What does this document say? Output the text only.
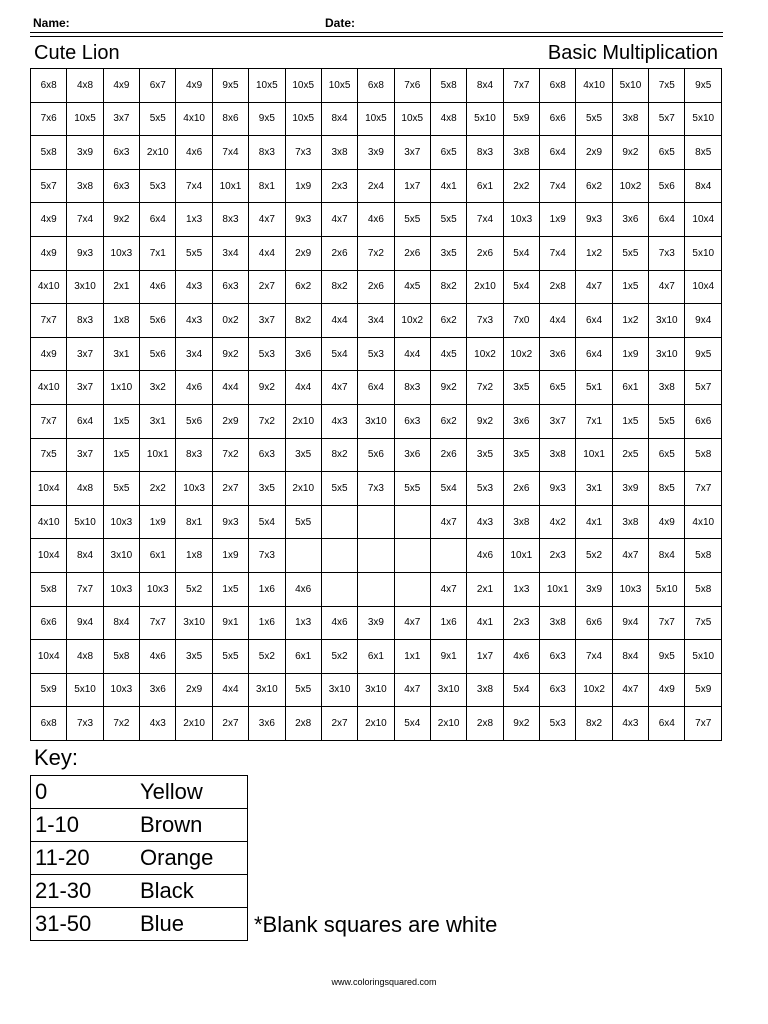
Name:	Date:
Cute Lion	Basic Multiplication
6x8	4x8	4x9	6x7	4x9	9x5	10x5	10x5	10x5	6x8	7x6	5x8	8x4	7x7	6x8	4x10	5x10	7x5	9x5
7x6	10x5	3x7	5x5	4x10	8x6	9x5	10x5	8x4	10x5	10x5	4x8	5x10	5x9	6x6	5x5	3x8	5x7	5x10
5x8	3x9	6x3	2x10	4x6	7x4	8x3	7x3	3x8	3x9	3x7	6x5	8x3	3x8	6x4	2x9	9x2	6x5	8x5
5x7	3x8	6x3	5x3	7x4	10x1	8x1	1x9	2x3	2x4	1x7	4x1	6x1	2x2	7x4	6x2	10x2	5x6	8x4
4x9	7x4	9x2	6x4	1x3	8x3	4x7	9x3	4x7	4x6	5x5	5x5	7x4	10x3	1x9	9x3	3x6	6x4	10x4
4x9	9x3	10x3	7x1	5x5	3x4	4x4	2x9	2x6	7x2	2x6	3x5	2x6	5x4	7x4	1x2	5x5	7x3	5x10
4x10	3x10	2x1	4x6	4x3	6x3	2x7	6x2	8x2	2x6	4x5	8x2	2x10	5x4	2x8	4x7	1x5	4x7	10x4
7x7	8x3	1x8	5x6	4x3	0x2	3x7	8x2	4x4	3x4	10x2	6x2	7x3	7x0	4x4	6x4	1x2	3x10	9x4
4x9	3x7	3x1	5x6	3x4	9x2	5x3	3x6	5x4	5x3	4x4	4x5	10x2	10x2	3x6	6x4	1x9	3x10	9x5
4x10	3x7	1x10	3x2	4x6	4x4	9x2	4x4	4x7	6x4	8x3	9x2	7x2	3x5	6x5	5x1	6x1	3x8	5x7
7x7	6x4	1x5	3x1	5x6	2x9	7x2	2x10	4x3	3x10	6x3	6x2	9x2	3x6	3x7	7x1	1x5	5x5	6x6
7x5	3x7	1x5	10x1	8x3	7x2	6x3	3x5	8x2	5x6	3x6	2x6	3x5	3x5	3x8	10x1	2x5	6x5	5x8
10x4	4x8	5x5	2x2	10x3	2x7	3x5	2x10	5x5	7x3	5x5	5x4	5x3	2x6	9x3	3x1	3x9	8x5	7x7
4x10	5x10	10x3	1x9	8x1	9x3	5x4	5x5				4x7	4x3	3x8	4x2	4x1	3x8	4x9	4x10
10x4	8x4	3x10	6x1	1x8	1x9	7x3						4x6	10x1	2x3	5x2	4x7	8x4	5x8
5x8	7x7	10x3	10x3	5x2	1x5	1x6	4x6				4x7	2x1	1x3	10x1	3x9	10x3	5x10	5x8
6x6	9x4	8x4	7x7	3x10	9x1	1x6	1x3	4x6	3x9	4x7	1x6	4x1	2x3	3x8	6x6	9x4	7x7	7x5
10x4	4x8	5x8	4x6	3x5	5x5	5x2	6x1	5x2	6x1	1x1	9x1	1x7	4x6	6x3	7x4	8x4	9x5	5x10
5x9	5x10	10x3	3x6	2x9	4x4	3x10	5x5	3x10	3x10	4x7	3x10	3x8	5x4	6x3	10x2	4x7	4x9	5x9
6x8	7x3	7x2	4x3	2x10	2x7	3x6	2x8	2x7	2x10	5x4	2x10	2x8	9x2	5x3	8x2	4x3	6x4	7x7
Key:
0	Yellow
1-10	Brown
11-20	Orange
21-30	Black
31-50	Blue	*Blank squares are white
www.coloringsquared.com
